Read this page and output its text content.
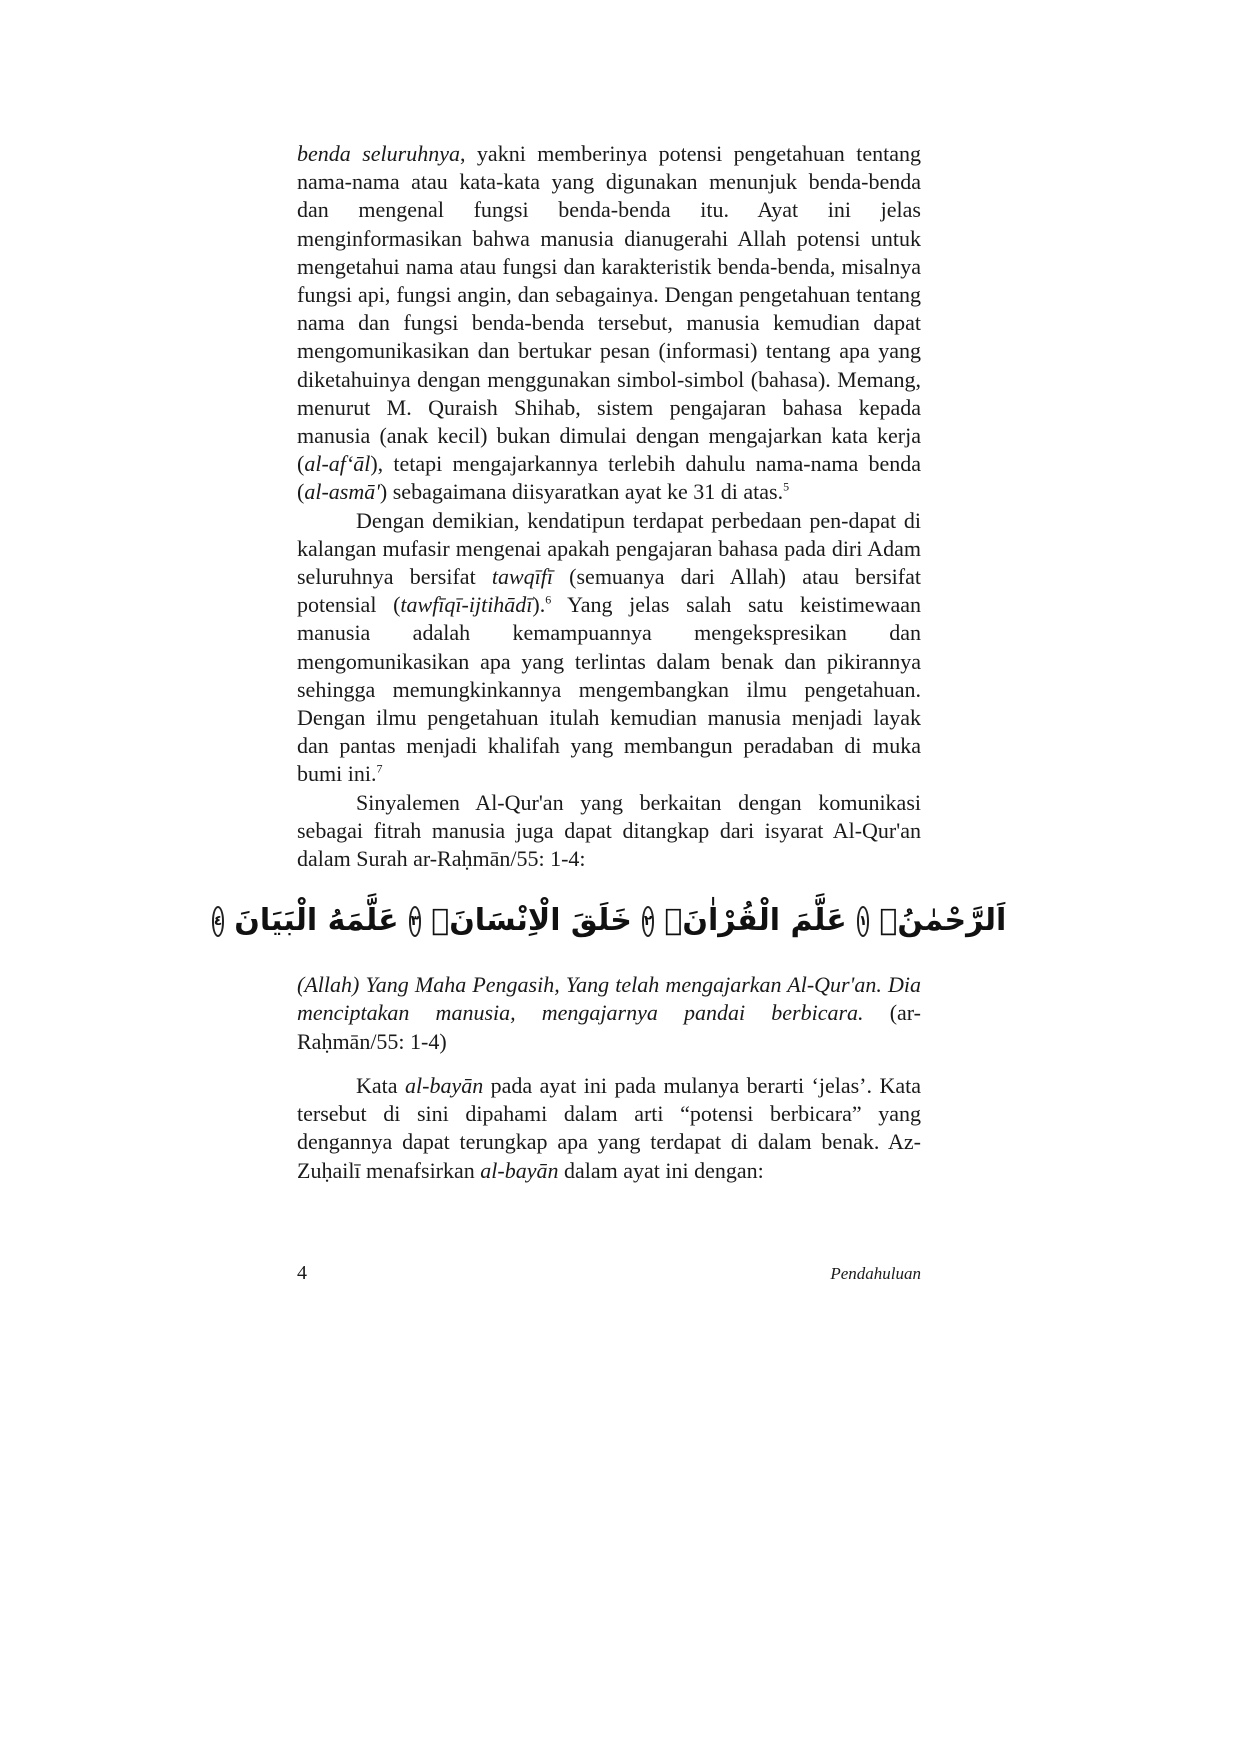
benda seluruhnya, yakni memberinya potensi pengetahuan tentang nama-nama atau kata-kata yang digunakan menunjuk benda-benda dan mengenal fungsi benda-benda itu. Ayat ini jelas menginformasikan bahwa manusia dianugerahi Allah potensi untuk mengetahui nama atau fungsi dan karakteristik benda-benda, misalnya fungsi api, fungsi angin, dan sebagainya. Dengan pengetahuan tentang nama dan fungsi benda-benda tersebut, manusia kemudian dapat mengomunikasikan dan bertukar pesan (informasi) tentang apa yang diketahuinya dengan menggunakan simbol-simbol (bahasa). Memang, menurut M. Quraish Shihab, sistem pengajaran bahasa kepada manusia (anak kecil) bukan dimulai dengan mengajarkan kata kerja (al-af‘āl), tetapi mengajarkannya terlebih dahulu nama-nama benda (al-asmā') sebagaimana diisyaratkan ayat ke 31 di atas.$^5$

Dengan demikian, kendatipun terdapat perbedaan pen-dapat di kalangan mufasir mengenai apakah pengajaran bahasa pada diri Adam seluruhnya bersifat tawqīfī (semuanya dari Allah) atau bersifat potensial (tawfīqī-ijtihādī).$^6$ Yang jelas salah satu keistimewaan manusia adalah kemampuannya mengekspresikan dan mengomunikasikan apa yang terlintas dalam benak dan pikirannya sehingga memungkinkannya mengembangkan ilmu pengetahuan. Dengan ilmu pengetahuan itulah kemudian manusia menjadi layak dan pantas menjadi khalifah yang membangun peradaban di muka bumi ini.$^7$

Sinyalemen Al-Qur'an yang berkaitan dengan komunikasi sebagai fitrah manusia juga dapat ditangkap dari isyarat Al-Qur'an dalam Surah ar-Raḥmān/55: 1-4:

اَلرَّحْمٰنُۙ
١
عَلَّمَ الْقُرْاٰنَۗ
٢
خَلَقَ الْاِنْسَانَۙ
٣
عَلَّمَهُ الْبَيَانَ
٤

(Allah) Yang Maha Pengasih, Yang telah mengajarkan Al-Qur'an. Dia menciptakan manusia, mengajarnya pandai berbicara. (ar-Raḥmān/55: 1-4)

Kata al-bayān pada ayat ini pada mulanya berarti ‘jelas’. Kata tersebut di sini dipahami dalam arti “potensi berbicara” yang dengannya dapat terungkap apa yang terdapat di dalam benak. Az-Zuḥailī menafsirkan al-bayān dalam ayat ini dengan:

4	Pendahuluan
